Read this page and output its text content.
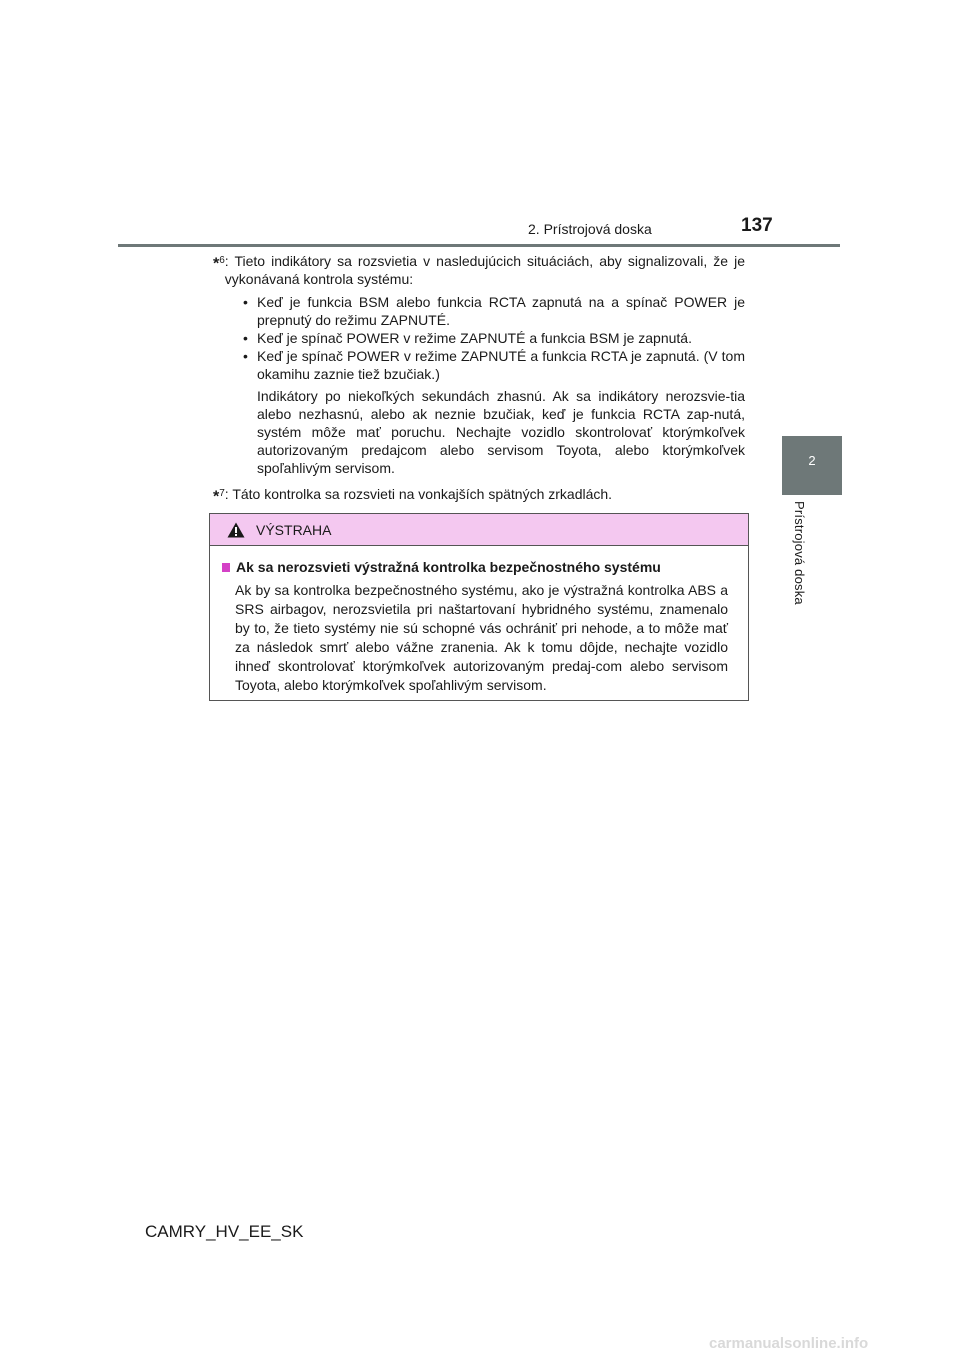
2. Prístrojová doska	137
2
Prístrojová doska
*$^6$ : Tieto indikátory sa rozsvietia v nasledujúcich situáciách, aby signalizovali, že je vykonávaná kontrola systému:
• Keď je funkcia BSM alebo funkcia RCTA zapnutá na a spínač POWER je prepnutý do režimu ZAPNUTÉ.
• Keď je spínač POWER v režime ZAPNUTÉ a funkcia BSM je zapnutá.
• Keď je spínač POWER v režime ZAPNUTÉ a funkcia RCTA je zapnutá. (V tom okamihu zaznie tiež bzučiak.)

Indikátory po niekoľkých sekundách zhasnú. Ak sa indikátory nerozsvie-tia alebo nezhasnú, alebo ak neznie bzučiak, keď je funkcia RCTA zap-nutá, systém môže mať poruchu. Nechajte vozidlo skontrolovať ktorýmkoľvek autorizovaným predajcom alebo servisom Toyota, alebo ktorýmkoľvek spoľahlivým servisom.

*$^7$ : Táto kontrolka sa rozsvieti na vonkajších spätných zrkadlách.
VÝSTRAHA
Ak sa nerozsvieti výstražná kontrolka bezpečnostného systému

Ak by sa kontrolka bezpečnostného systému, ako je výstražná kontrolka ABS a SRS airbagov, nerozsvietila pri naštartovaní hybridného systému, znamenalo by to, že tieto systémy nie sú schopné vás ochrániť pri nehode, a to môže mať za následok smrť alebo vážne zranenia. Ak k tomu dôjde, nechajte vozidlo ihneď skontrolovať ktorýmkoľvek autorizovaným predaj-com alebo servisom Toyota, alebo ktorýmkoľvek spoľahlivým servisom.

CAMRY_HV_EE_SK
carmanualsonline.info
